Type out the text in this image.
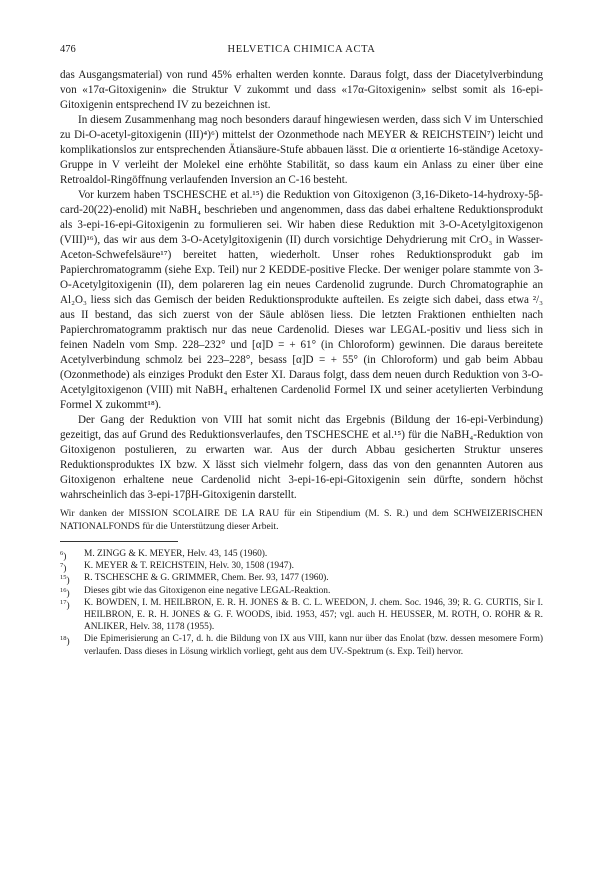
476	HELVETICA CHIMICA ACTA

das Ausgangsmaterial) von rund 45% erhalten werden konnte. Daraus folgt, dass der Diacetylverbindung von «17α-Gitoxigenin» die Struktur V zukommt und dass «17α-Gitoxigenin» selbst somit als 16-epi-Gitoxigenin entsprechend IV zu bezeichnen ist.

In diesem Zusammenhang mag noch besonders darauf hingewiesen werden, dass sich V im Unterschied zu Di-O-acetyl-gitoxigenin (III)⁴)⁶) mittelst der Ozonmethode nach MEYER & REICHSTEIN⁷) leicht und komplikationslos zur entsprechenden Ätiansäure-Stufe abbauen lässt. Die α orientierte 16-ständige Acetoxy-Gruppe in V verleiht der Molekel eine erhöhte Stabilität, so dass kaum ein Anlass zu einer über eine Retroaldol-Ringöffnung verlaufenden Inversion an C-16 besteht.

Vor kurzem haben TSCHESCHE et al.¹⁵) die Reduktion von Gitoxigenon (3,16-Diketo-14-hydroxy-5β-card-20(22)-enolid) mit NaBH₄ beschrieben und angenommen, dass das dabei erhaltene Reduktionsprodukt als 3-epi-16-epi-Gitoxigenin zu formulieren sei. Wir haben diese Reduktion mit 3-O-Acetylgitoxigenon (VIII)¹⁶), das wir aus dem 3-O-Acetylgitoxigenin (II) durch vorsichtige Dehydrierung mit CrO₃ in Wasser-Aceton-Schwefelsäure¹⁷) bereitet hatten, wiederholt. Unser rohes Reduktionsprodukt gab im Papierchromatogramm (siehe Exp. Teil) nur 2 KEDDE-positive Flecke. Der weniger polare stammte von 3-O-Acetylgitoxigenin (II), dem polareren lag ein neues Cardenolid zugrunde. Durch Chromatographie an Al₂O₃ liess sich das Gemisch der beiden Reduktionsprodukte aufteilen. Es zeigte sich dabei, dass etwa ²/₃ aus II bestand, das sich zuerst von der Säule ablösen liess. Die letzten Fraktionen enthielten nach Papierchromatogramm praktisch nur das neue Cardenolid. Dieses war LEGAL-positiv und liess sich in feinen Nadeln vom Smp. 228–232° und [α]D = + 61° (in Chloroform) gewinnen. Die daraus bereitete Acetylverbindung schmolz bei 223–228°, besass [α]D = + 55° (in Chloroform) und gab beim Abbau (Ozonmethode) als einziges Produkt den Ester XI. Daraus folgt, dass dem neuen durch Reduktion von 3-O-Acetylgitoxigenon (VIII) mit NaBH₄ erhaltenen Cardenolid Formel IX und seiner acetylierten Verbindung Formel X zukommt¹⁸).

Der Gang der Reduktion von VIII hat somit nicht das Ergebnis (Bildung der 16-epi-Verbindung) gezeitigt, das auf Grund des Reduktionsverlaufes, den TSCHESCHE et al.¹⁵) für die NaBH₄-Reduktion von Gitoxigenon postulieren, zu erwarten war. Aus der durch Abbau gesicherten Struktur unseres Reduktionsproduktes IX bzw. X lässt sich vielmehr folgern, dass das von den genannten Autoren aus Gitoxigenon erhaltene neue Cardenolid nicht 3-epi-16-epi-Gitoxigenin sein dürfte, sondern höchst wahrscheinlich das 3-epi-17βH-Gitoxigenin darstellt.

Wir danken der MISSION SCOLAIRE DE LA RAU für ein Stipendium (M. S. R.) und dem SCHWEIZERISCHEN NATIONALFONDS für die Unterstützung dieser Arbeit.

$^6$) M. ZINGG & K. MEYER, Helv. 43, 145 (1960).

$^7$) K. MEYER & T. REICHSTEIN, Helv. 30, 1508 (1947).

$^{15}$) R. TSCHESCHE & G. GRIMMER, Chem. Ber. 93, 1477 (1960).

$^{16}$) Dieses gibt wie das Gitoxigenon eine negative LEGAL-Reaktion.

$^{17}$) K. BOWDEN, I. M. HEILBRON, E. R. H. JONES & B. C. L. WEEDON, J. chem. Soc. 1946, 39; R. G. CURTIS, Sir I. HEILBRON, E. R. H. JONES & G. F. WOODS, ibid. 1953, 457; vgl. auch H. HEUSSER, M. ROTH, O. ROHR & R. ANLIKER, Helv. 38, 1178 (1955).

$^{18}$) Die Epimerisierung an C-17, d. h. die Bildung von IX aus VIII, kann nur über das Enolat (bzw. dessen mesomere Form) verlaufen. Dass dieses in Lösung wirklich vorliegt, geht aus dem UV.-Spektrum (s. Exp. Teil) hervor.
